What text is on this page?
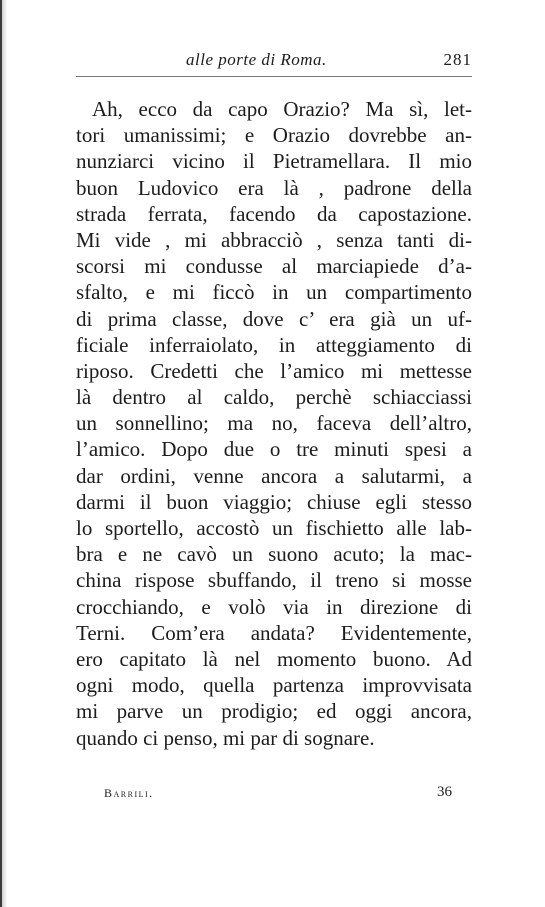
alle porte di Roma.	281
Ah, ecco da capo Orazio? Ma sì, let-
tori umanissimi; e Orazio dovrebbe an-
nunziarci vicino il Pietramellara. Il mio
buon Ludovico era là , padrone della
strada ferrata, facendo da capostazione.
Mi vide , mi abbracciò , senza tanti di-
scorsi mi condusse al marciapiede d’a-
sfalto, e mi ficcò in un compartimento
di prima classe, dove c’ era già un uf-
ficiale inferraiolato, in atteggiamento di
riposo. Credetti che l’amico mi mettesse
là dentro al caldo, perchè schiacciassi
un sonnellino; ma no, faceva dell’altro,
l’amico. Dopo due o tre minuti spesi a
dar ordini, venne ancora a salutarmi, a
darmi il buon viaggio; chiuse egli stesso
lo sportello, accostò un fischietto alle lab-
bra e ne cavò un suono acuto; la mac-
china rispose sbuffando, il treno si mosse
crocchiando, e volò via in direzione di
Terni. Com’era andata? Evidentemente,
ero capitato là nel momento buono. Ad
ogni modo, quella partenza improvvisata
mi parve un prodigio; ed oggi ancora,
quando ci penso, mi par di sognare.
Barrili.	36
